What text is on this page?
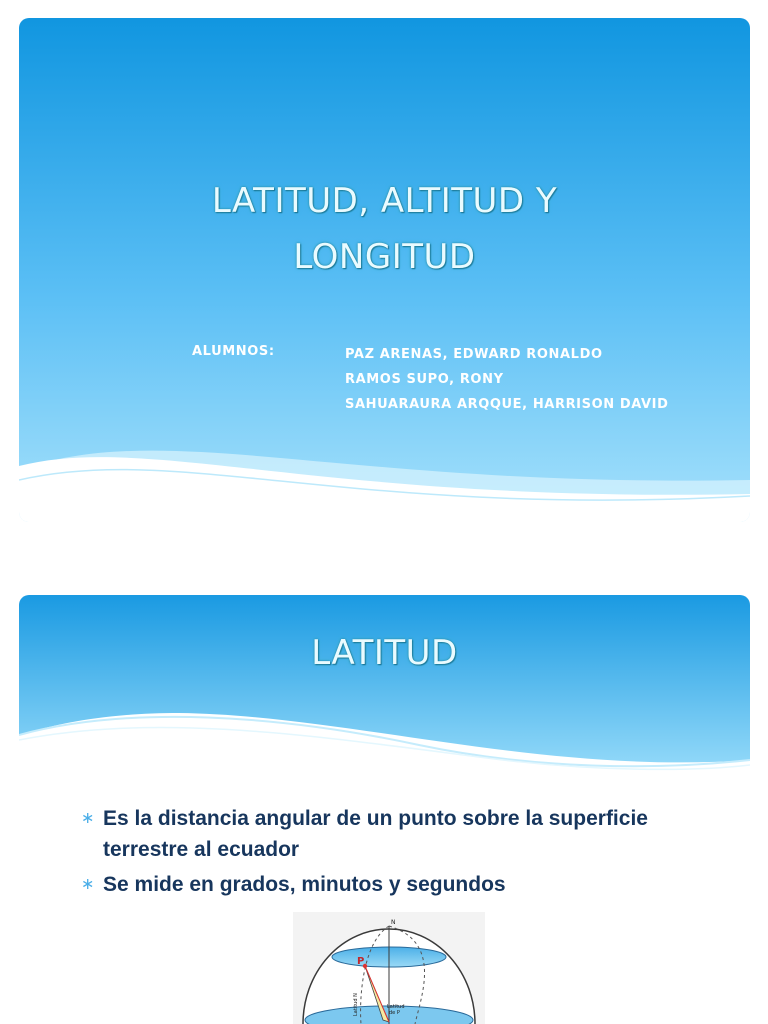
LATITUD, ALTITUD Y
LONGITUD
ALUMNOS:	PAZ ARENAS, EDWARD RONALDO
RAMOS SUPO, RONY
SAHUARAURA ARQQUE, HARRISON DAVID
LATITUD
∗ Es la distancia angular de un punto sobre la superficie terrestre al ecuador
∗ Se mide en grados, minutos y segundos
N
P
Latitud N	Latitud
de P
